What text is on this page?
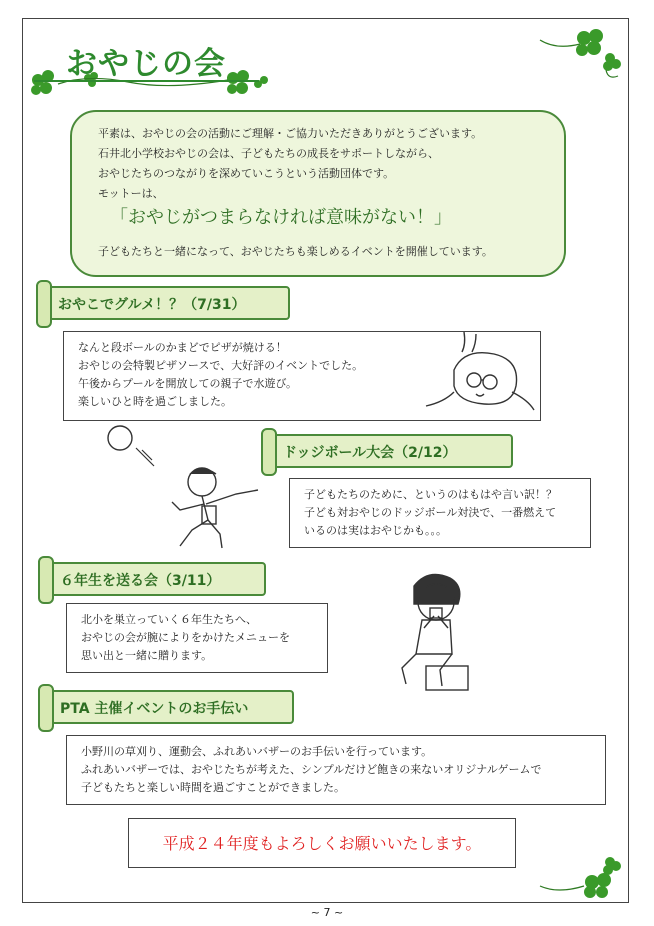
おやじの会

平素は、おやじの会の活動にご理解・ご協力いただきありがとうございます。

石井北小学校おやじの会は、子どもたちの成長をサポートしながら、

おやじたちのつながりを深めていこうという活動団体です。

モットーは、

「おやじがつまらなければ意味がない！」

子どもたちと一緒になって、おやじたちも楽しめるイベントを開催しています。

おやこでグルメ！？（7/31）
なんと段ボールのかまどでピザが焼ける！
おやじの会特製ピザソースで、大好評のイベントでした。
午後からプールを開放しての親子で水遊び。
楽しいひと時を過ごしました。
ドッジボール大会（2/12）
子どもたちのために、というのはもはや言い訳！？
子ども対おやじのドッジボール対決で、一番燃えて
いるのは実はおやじかも。。。
６年生を送る会（3/11）
北小を巣立っていく６年生たちへ、
おやじの会が腕によりをかけたメニューを
思い出と一緒に贈ります。
PTA 主催イベントのお手伝い
小野川の草刈り、運動会、ふれあいバザーのお手伝いを行っています。
ふれあいバザーでは、おやじたちが考えた、シンプルだけど飽きの来ないオリジナルゲームで
子どもたちと楽しい時間を過ごすことができました。
平成２４年度もよろしくお願いいたします。
~ 7 ~
